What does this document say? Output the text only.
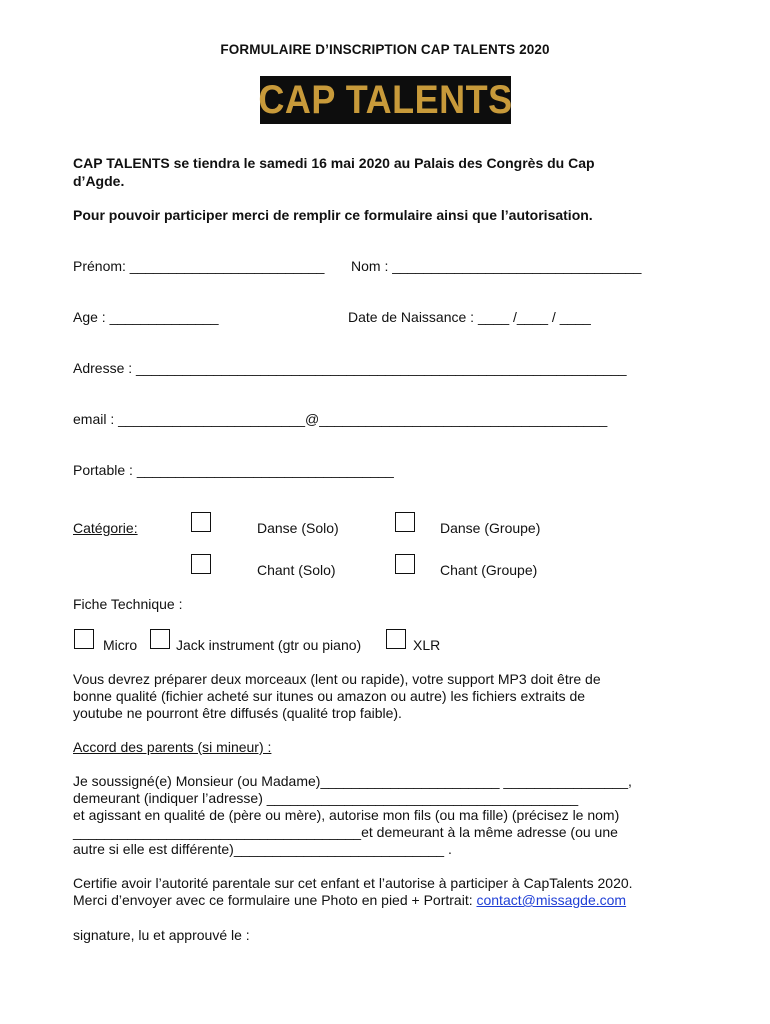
FORMULAIRE D’INSCRIPTION CAP TALENTS 2020
CAP TALENTS
CAP TALENTS se tiendra le samedi 16 mai 2020 au Palais des Congrès du Cap
d’Agde.
Pour pouvoir participer merci de remplir ce formulaire ainsi que l’autorisation.
Prénom: _________________________ Nom : ________________________________
Age : ______________	Date de Naissance : ____ /____ / ____
Adresse : _______________________________________________________________
email : ________________________@_____________________________________
Portable : _________________________________
Catégorie:	Danse (Solo)	Danse (Groupe)
Chant (Solo)	Chant (Groupe)
Fiche Technique :
Micro	Jack instrument (gtr ou piano)	XLR
Vous devrez préparer deux morceaux (lent ou rapide), votre support MP3 doit être de
bonne qualité (fichier acheté sur itunes ou amazon ou autre) les fichiers extraits de
youtube ne pourront être diffusés (qualité trop faible).
Accord des parents (si mineur) :
Je soussigné(e) Monsieur (ou Madame)_______________________ ________________,
demeurant (indiquer l’adresse) ________________________________________
et agissant en qualité de (père ou mère), autorise mon fils (ou ma fille) (précisez le nom)
_____________________________________et demeurant à la même adresse (ou une
autre si elle est différente)___________________________ .
Certifie avoir l’autorité parentale sur cet enfant et l’autorise à participer à CapTalents 2020.
Merci d’envoyer avec ce formulaire une Photo en pied + Portrait: contact@missagde.com
signature, lu et approuvé le :
